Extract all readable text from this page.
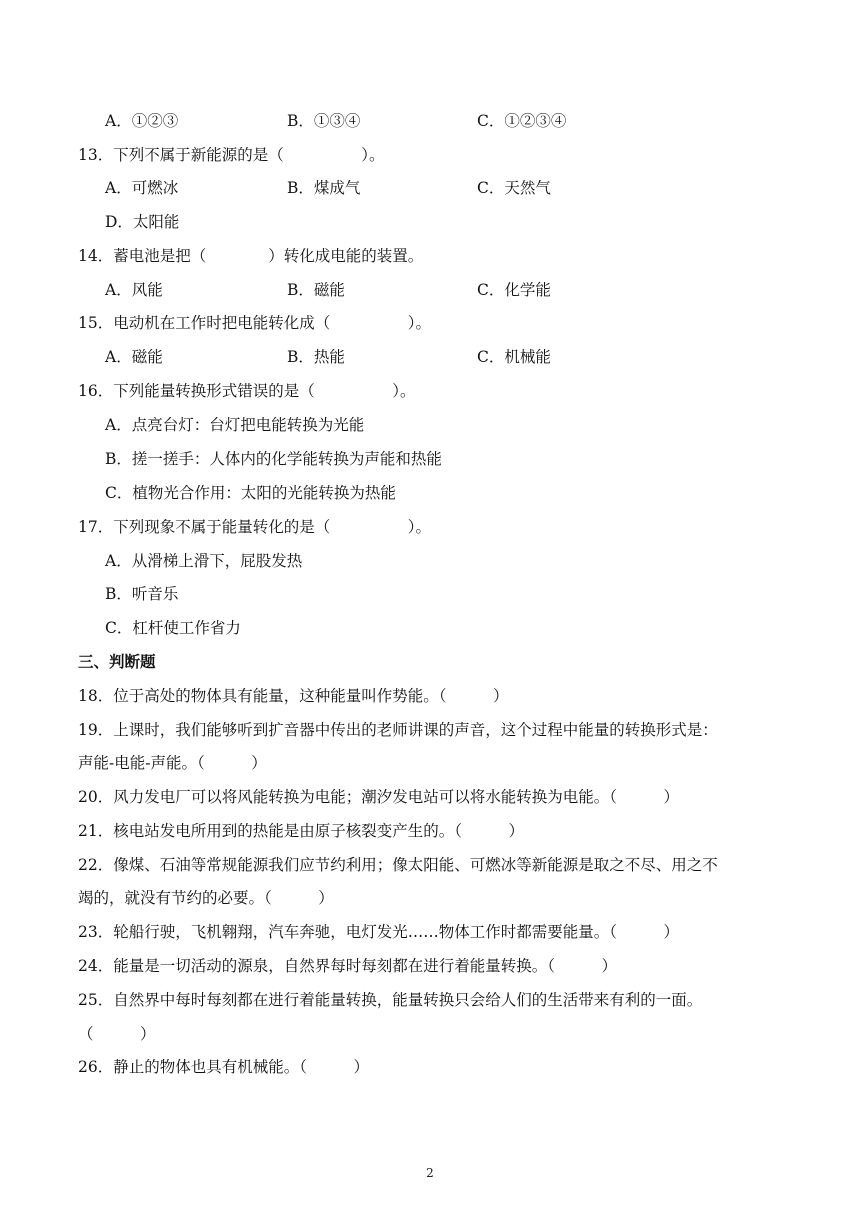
A．①②③	B．①③④	C．①②③④
13．下列不属于新能源的是（　　　　　）。
A．可燃冰	B．煤成气	C．天然气
D．太阳能
14．蓄电池是把（　　　　）转化成电能的装置。
A．风能	B．磁能	C．化学能
15．电动机在工作时把电能转化成（　　　　　）。
A．磁能	B．热能	C．机械能
16．下列能量转换形式错误的是（　　　　　）。
A．点亮台灯：台灯把电能转换为光能
B．搓一搓手：人体内的化学能转换为声能和热能
C．植物光合作用：太阳的光能转换为热能
17．下列现象不属于能量转化的是（　　　　　）。
A．从滑梯上滑下，屁股发热
B．听音乐
C．杠杆使工作省力
三、判断题
18．位于高处的物体具有能量，这种能量叫作势能。（　　　）
19．上课时，我们能够听到扩音器中传出的老师讲课的声音，这个过程中能量的转换形式是：
声能-电能-声能。（　　　）
20．风力发电厂可以将风能转换为电能；潮汐发电站可以将水能转换为电能。（　　　）
21．核电站发电所用到的热能是由原子核裂变产生的。（　　　）
22．像煤、石油等常规能源我们应节约利用；像太阳能、可燃冰等新能源是取之不尽、用之不
竭的，就没有节约的必要。（　　　）
23．轮船行驶，飞机翱翔，汽车奔驰，电灯发光……物体工作时都需要能量。（　　　）
24．能量是一切活动的源泉，自然界每时每刻都在进行着能量转换。（　　　）
25．自然界中每时每刻都在进行着能量转换，能量转换只会给人们的生活带来有利的一面。
（　　　）
26．静止的物体也具有机械能。（　　　）
2
